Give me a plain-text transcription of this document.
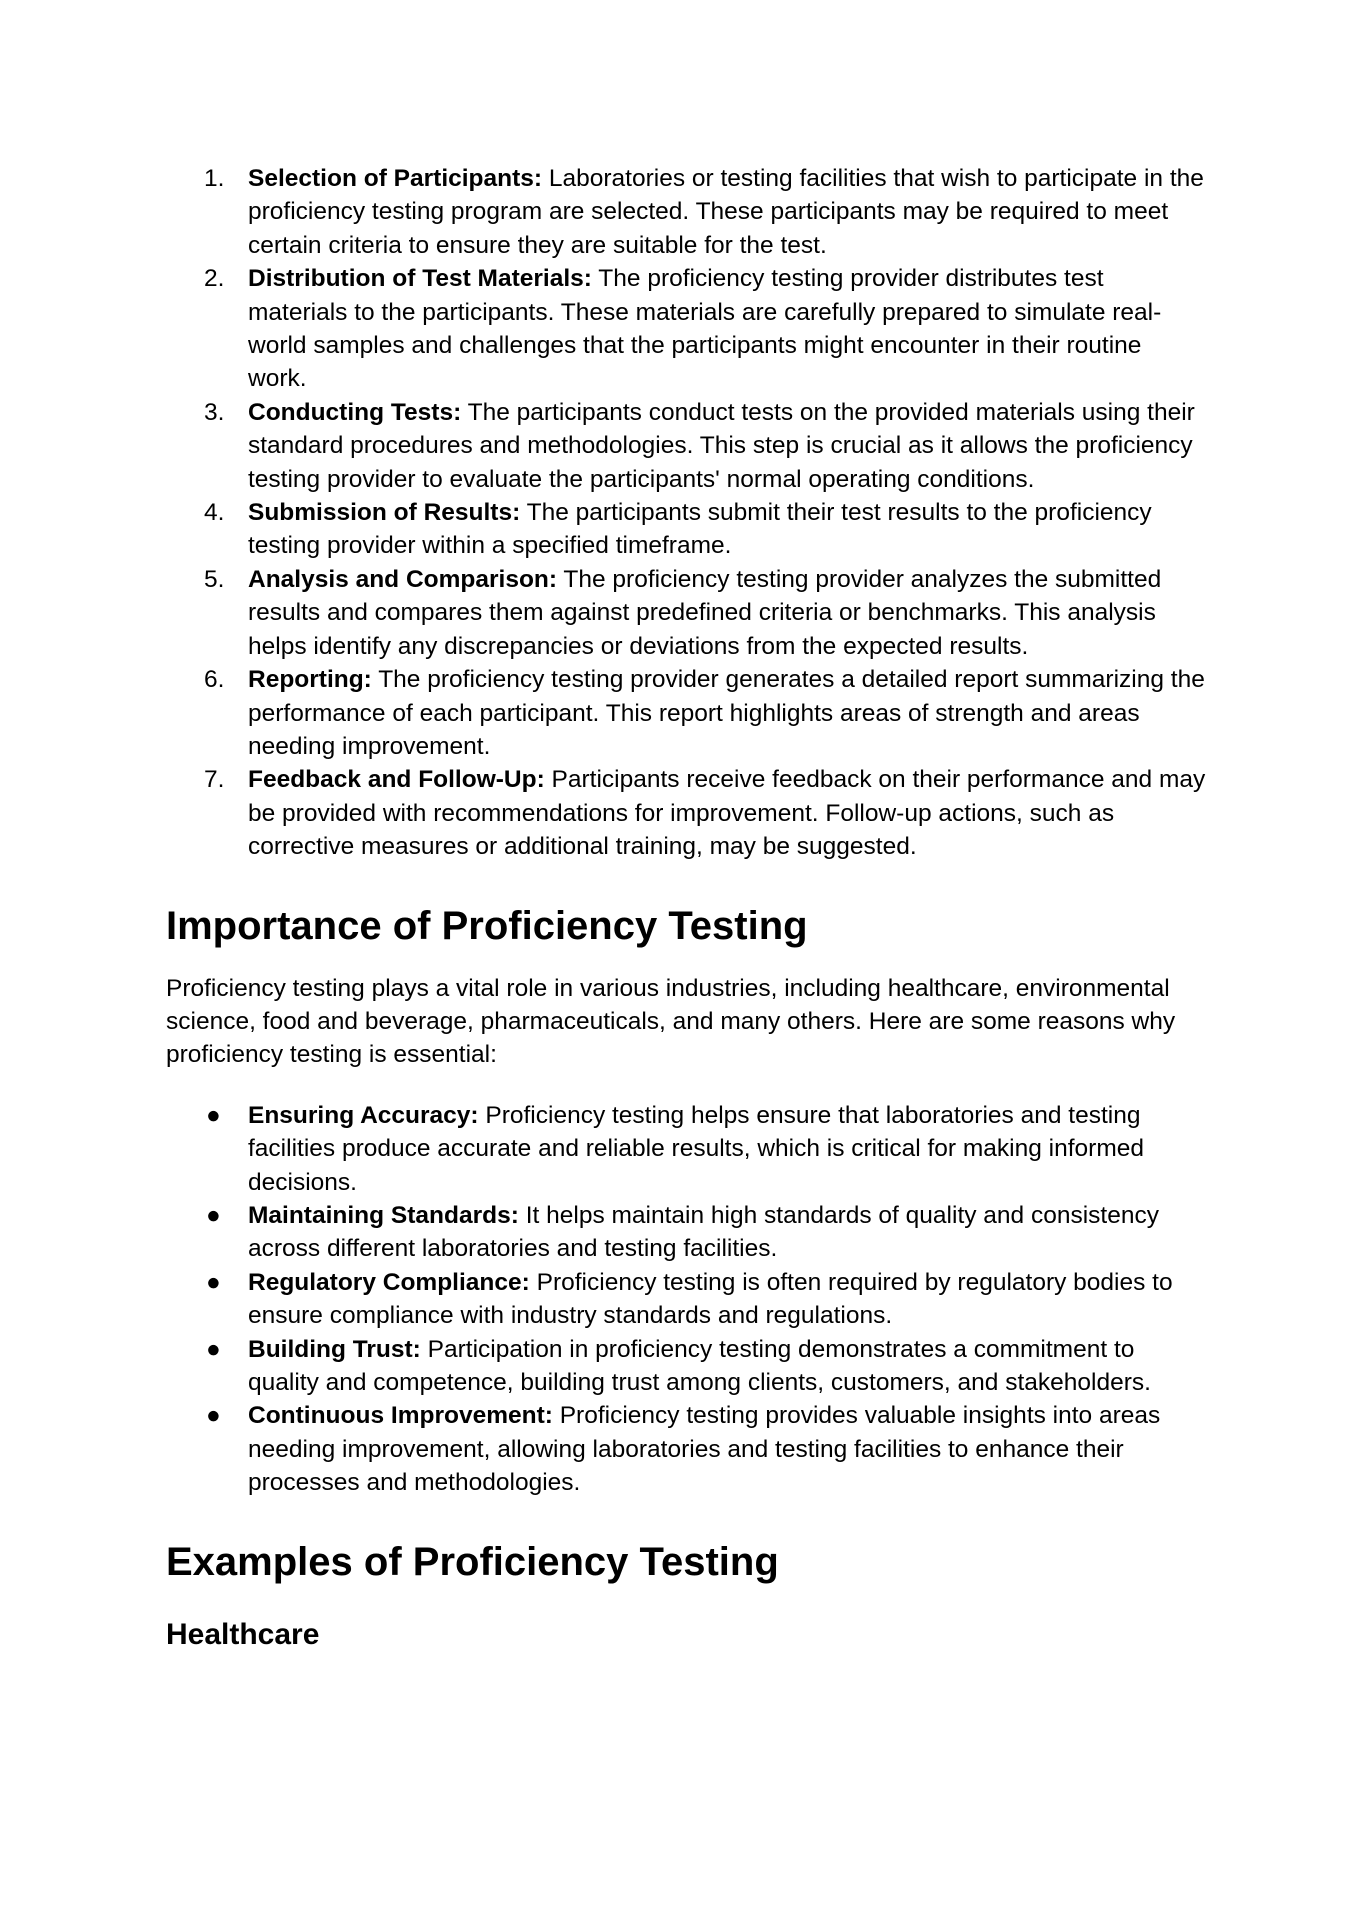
1. Selection of Participants: Laboratories or testing facilities that wish to participate in the proficiency testing program are selected. These participants may be required to meet certain criteria to ensure they are suitable for the test.
2. Distribution of Test Materials: The proficiency testing provider distributes test materials to the participants. These materials are carefully prepared to simulate real-world samples and challenges that the participants might encounter in their routine work.
3. Conducting Tests: The participants conduct tests on the provided materials using their standard procedures and methodologies. This step is crucial as it allows the proficiency testing provider to evaluate the participants' normal operating conditions.
4. Submission of Results: The participants submit their test results to the proficiency testing provider within a specified timeframe.
5. Analysis and Comparison: The proficiency testing provider analyzes the submitted results and compares them against predefined criteria or benchmarks. This analysis helps identify any discrepancies or deviations from the expected results.
6. Reporting: The proficiency testing provider generates a detailed report summarizing the performance of each participant. This report highlights areas of strength and areas needing improvement.
7. Feedback and Follow-Up: Participants receive feedback on their performance and may be provided with recommendations for improvement. Follow-up actions, such as corrective measures or additional training, may be suggested.
Importance of Proficiency Testing

Proficiency testing plays a vital role in various industries, including healthcare, environmental science, food and beverage, pharmaceuticals, and many others. Here are some reasons why proficiency testing is essential:

● Ensuring Accuracy: Proficiency testing helps ensure that laboratories and testing facilities produce accurate and reliable results, which is critical for making informed decisions.
● Maintaining Standards: It helps maintain high standards of quality and consistency across different laboratories and testing facilities.
● Regulatory Compliance: Proficiency testing is often required by regulatory bodies to ensure compliance with industry standards and regulations.
● Building Trust: Participation in proficiency testing demonstrates a commitment to quality and competence, building trust among clients, customers, and stakeholders.
● Continuous Improvement: Proficiency testing provides valuable insights into areas needing improvement, allowing laboratories and testing facilities to enhance their processes and methodologies.
Examples of Proficiency Testing
Healthcare
